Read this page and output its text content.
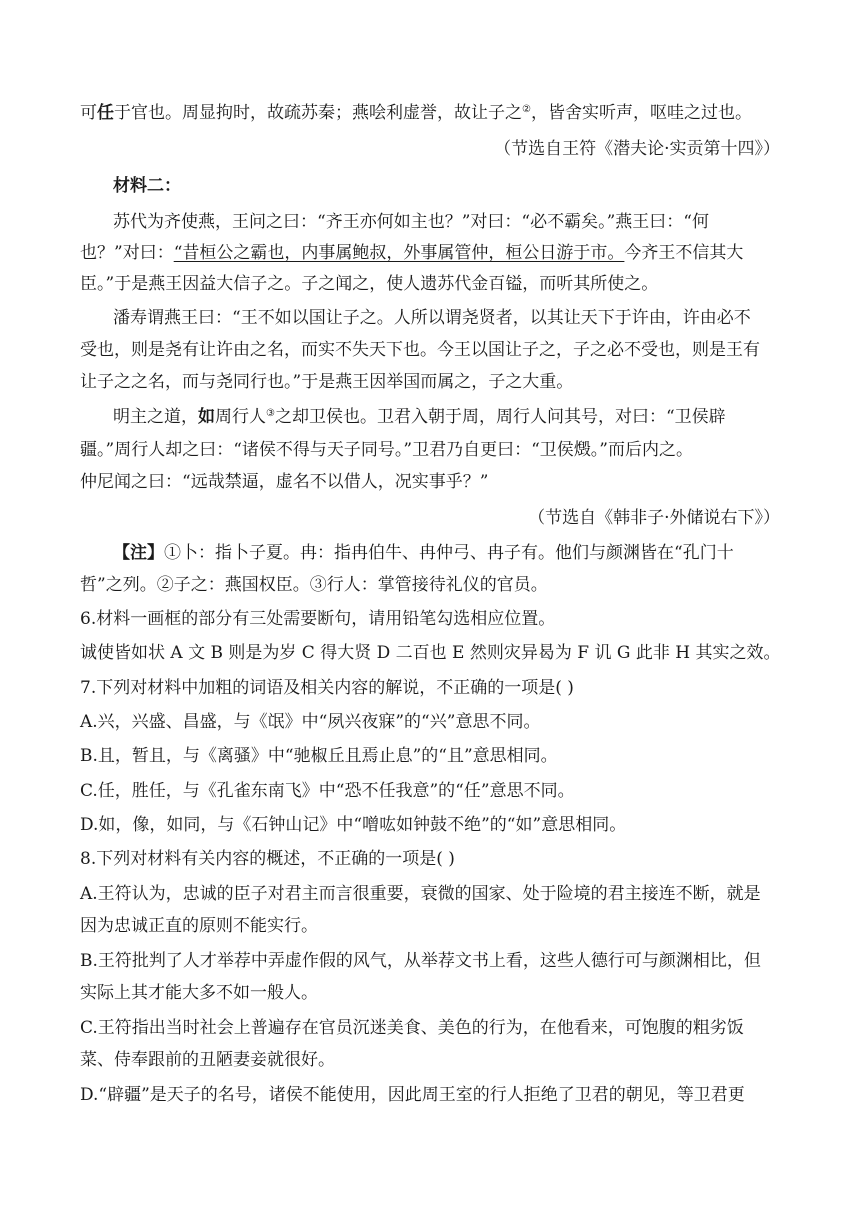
可任于官也。周显拘时，故疏苏秦；燕哙利虚誉，故让子之②，皆舍实听声，呕哇之过也。
（节选自王符《潜夫论·实贡第十四》）
材料二：
苏代为齐使燕，王问之曰：“齐王亦何如主也？”对曰：“必不霸矣。”燕王曰：“何
也？”对曰：“昔桓公之霸也，内事属鲍叔，外事属管仲，桓公日游于市。今齐王不信其大
臣。”于是燕王因益大信子之。子之闻之，使人遗苏代金百镒，而听其所使之。
潘寿谓燕王曰：“王不如以国让子之。人所以谓尧贤者，以其让天下于许由，许由必不
受也，则是尧有让许由之名，而实不失天下也。今王以国让子之，子之必不受也，则是王有
让子之之名，而与尧同行也。”于是燕王因举国而属之，子之大重。
明主之道，如周行人③之却卫侯也。卫君入朝于周，周行人问其号，对曰：“卫侯辟
疆。”周行人却之曰：“诸侯不得与天子同号。”卫君乃自更曰：“卫侯燬。”而后内之。
仲尼闻之曰：“远哉禁逼，虚名不以借人，况实事乎？”
（节选自《韩非子·外储说右下》）
【注】①卜：指卜子夏。冉：指冉伯牛、冉仲弓、冉子有。他们与颜渊皆在“孔门十
哲”之列。②子之：燕国权臣。③行人：掌管接待礼仪的官员。
6.材料一画框的部分有三处需要断句，请用铅笔勾选相应位置。
诚使皆如状 A 文 B 则是为岁 C 得大贤 D 二百也 E 然则灾异曷为 F 讥 G 此非 H 其实之效。
7.下列对材料中加粗的词语及相关内容的解说，不正确的一项是( )
A.兴，兴盛、昌盛，与《氓》中“夙兴夜寐”的“兴”意思不同。
B.且，暂且，与《离骚》中“驰椒丘且焉止息”的“且”意思相同。
C.任，胜任，与《孔雀东南飞》中“恐不任我意”的“任”意思不同。
D.如，像，如同，与《石钟山记》中“噌吰如钟鼓不绝”的“如”意思相同。
8.下列对材料有关内容的概述，不正确的一项是( )
A.王符认为，忠诚的臣子对君主而言很重要，衰微的国家、处于险境的君主接连不断，就是
因为忠诚正直的原则不能实行。
B.王符批判了人才举荐中弄虚作假的风气，从举荐文书上看，这些人德行可与颜渊相比，但
实际上其才能大多不如一般人。
C.王符指出当时社会上普遍存在官员沉迷美食、美色的行为，在他看来，可饱腹的粗劣饭
菜、侍奉跟前的丑陋妻妾就很好。
D.“辟疆”是天子的名号，诸侯不能使用，因此周王室的行人拒绝了卫君的朝见，等卫君更
